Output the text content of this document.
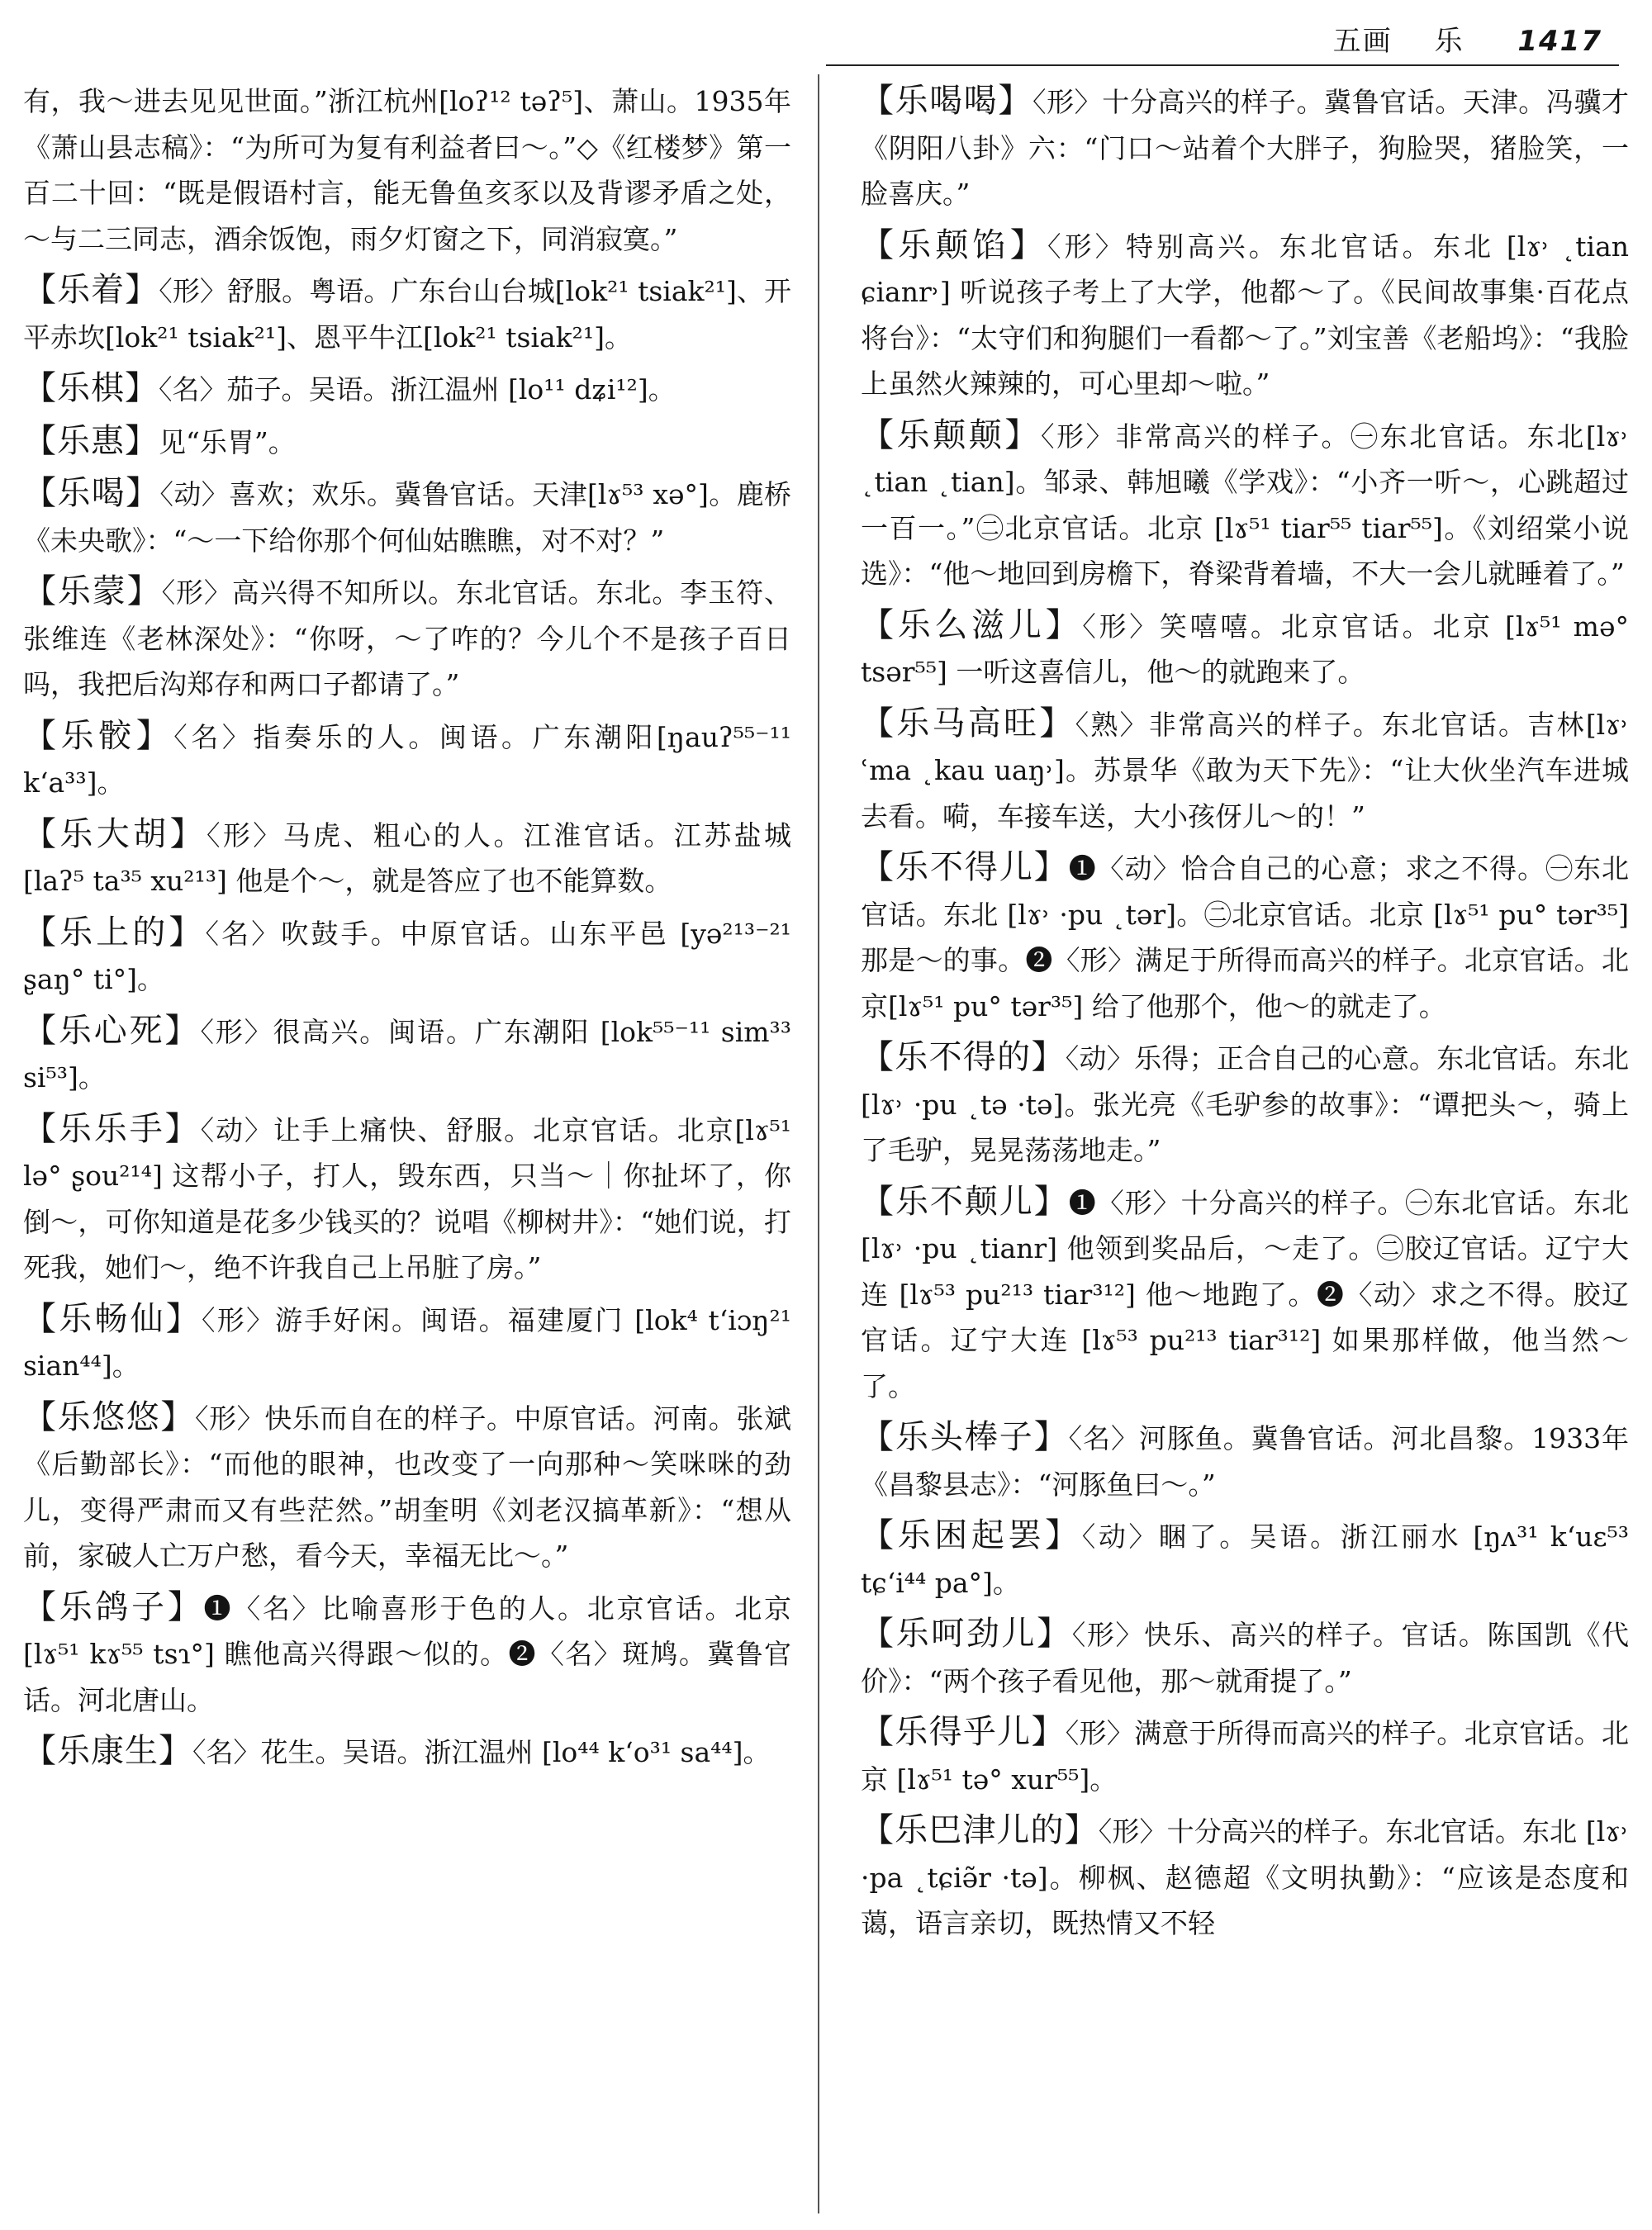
五画 乐 1417

有，我～进去见见世面。”浙江杭州[loʔ¹² təʔ⁵]、萧山。1935年《萧山县志稿》：“为所可为复有利益者曰～。”◇《红楼梦》第一百二十回：“既是假语村言，能无鲁鱼亥豕以及背谬矛盾之处，～与二三同志，酒余饭饱，雨夕灯窗之下，同消寂寞。”

【乐着】〈形〉舒服。粤语。广东台山台城[lok²¹ tsiak²¹]、开平赤坎[lok²¹ tsiak²¹]、恩平牛江[lok²¹ tsiak²¹]。

【乐棋】〈名〉茄子。吴语。浙江温州 [lo¹¹ dʑi¹²]。

【乐惠】见“乐胃”。

【乐喝】〈动〉喜欢；欢乐。冀鲁官话。天津[lɤ⁵³ xə°]。鹿桥《未央歌》：“～一下给你那个何仙姑瞧瞧，对不对？”

【乐蒙】〈形〉高兴得不知所以。东北官话。东北。李玉符、张维连《老林深处》：“你呀，～了咋的？今儿个不是孩子百日吗，我把后沟郑存和两口子都请了。”

【乐骹】〈名〉指奏乐的人。闽语。广东潮阳[ŋauʔ⁵⁵⁻¹¹ kʻa³³]。

【乐大胡】〈形〉马虎、粗心的人。江淮官话。江苏盐城 [laʔ⁵ ta³⁵ xu²¹³] 他是个～，就是答应了也不能算数。

【乐上的】〈名〉吹鼓手。中原官话。山东平邑 [yə²¹³⁻²¹ ʂaŋ° ti°]。

【乐心死】〈形〉很高兴。闽语。广东潮阳 [lok⁵⁵⁻¹¹ sim³³ si⁵³]。

【乐乐手】〈动〉让手上痛快、舒服。北京官话。北京[lɤ⁵¹ lə° ʂou²¹⁴] 这帮小子，打人，毁东西，只当～｜你扯坏了，你倒～，可你知道是花多少钱买的？说唱《柳树井》：“她们说，打死我，她们～，绝不许我自己上吊脏了房。”

【乐畅仙】〈形〉游手好闲。闽语。福建厦门 [lok⁴ tʻiɔŋ²¹ sian⁴⁴]。

【乐悠悠】〈形〉快乐而自在的样子。中原官话。河南。张斌《后勤部长》：“而他的眼神，也改变了一向那种～笑咪咪的劲儿，变得严肃而又有些茫然。”胡奎明《刘老汉搞革新》：“想从前，家破人亡万户愁，看今天，幸福无比～。”

【乐鸽子】❶〈名〉比喻喜形于色的人。北京官话。北京[lɤ⁵¹ kɤ⁵⁵ tsɿ°] 瞧他高兴得跟～似的。❷〈名〉斑鸠。冀鲁官话。河北唐山。

【乐康生】〈名〉花生。吴语。浙江温州 [lo⁴⁴ kʻo³¹ sa⁴⁴]。

【乐喝喝】〈形〉十分高兴的样子。冀鲁官话。天津。冯骥才《阴阳八卦》六：“门口～站着个大胖子，狗脸哭，猪脸笑，一脸喜庆。”

【乐颠馅】〈形〉特别高兴。东北官话。东北 [lɤ˒ ˛tian ɕianr˒] 听说孩子考上了大学，他都～了。《民间故事集·百花点将台》：“太守们和狗腿们一看都～了。”刘宝善《老船坞》：“我脸上虽然火辣辣的，可心里却～啦。”

【乐颠颠】〈形〉非常高兴的样子。㊀东北官话。东北[lɤ˒ ˛tian ˛tian]。邹录、韩旭曦《学戏》：“小齐一听～，心跳超过一百一。”㊁北京官话。北京 [lɤ⁵¹ tiar⁵⁵ tiar⁵⁵]。《刘绍棠小说选》：“他～地回到房檐下，脊梁背着墙，不大一会儿就睡着了。”

【乐么滋儿】〈形〉笑嘻嘻。北京官话。北京 [lɤ⁵¹ mə° tsər⁵⁵] 一听这喜信儿，他～的就跑来了。

【乐马高旺】〈熟〉非常高兴的样子。东北官话。吉林[lɤ˒ ʿma ˛kau uaŋ˒]。苏景华《敢为天下先》：“让大伙坐汽车进城去看。嗬，车接车送，大小孩伢儿～的！”

【乐不得儿】❶〈动〉恰合自己的心意；求之不得。㊀东北官话。东北 [lɤ˒ ·pu ˛tər]。㊁北京官话。北京 [lɤ⁵¹ pu° tər³⁵] 那是～的事。❷〈形〉满足于所得而高兴的样子。北京官话。北京[lɤ⁵¹ pu° tər³⁵] 给了他那个，他～的就走了。

【乐不得的】〈动〉乐得；正合自己的心意。东北官话。东北 [lɤ˒ ·pu ˛tə ·tə]。张光亮《毛驴参的故事》：“谭把头～，骑上了毛驴，晃晃荡荡地走。”

【乐不颠儿】❶〈形〉十分高兴的样子。㊀东北官话。东北 [lɤ˒ ·pu ˛tianr] 他领到奖品后，～走了。㊁胶辽官话。辽宁大连 [lɤ⁵³ pu²¹³ tiar³¹²] 他～地跑了。❷〈动〉求之不得。胶辽官话。辽宁大连 [lɤ⁵³ pu²¹³ tiar³¹²] 如果那样做，他当然～了。

【乐头棒子】〈名〉河豚鱼。冀鲁官话。河北昌黎。1933年《昌黎县志》：“河豚鱼曰～。”

【乐困起罢】〈动〉睏了。吴语。浙江丽水 [ŋʌ³¹ kʻuɛ⁵³ tɕʻi⁴⁴ pa°]。

【乐呵劲儿】〈形〉快乐、高兴的样子。官话。陈国凯《代价》：“两个孩子看见他，那～就甭提了。”

【乐得乎儿】〈形〉满意于所得而高兴的样子。北京官话。北京 [lɤ⁵¹ tə° xur⁵⁵]。

【乐巴津儿的】〈形〉十分高兴的样子。东北官话。东北 [lɤ˒ ·pa ˛tɕiə̃r ·tə]。柳枫、赵德超《文明执勤》：“应该是态度和蔼，语言亲切，既热情又不轻
